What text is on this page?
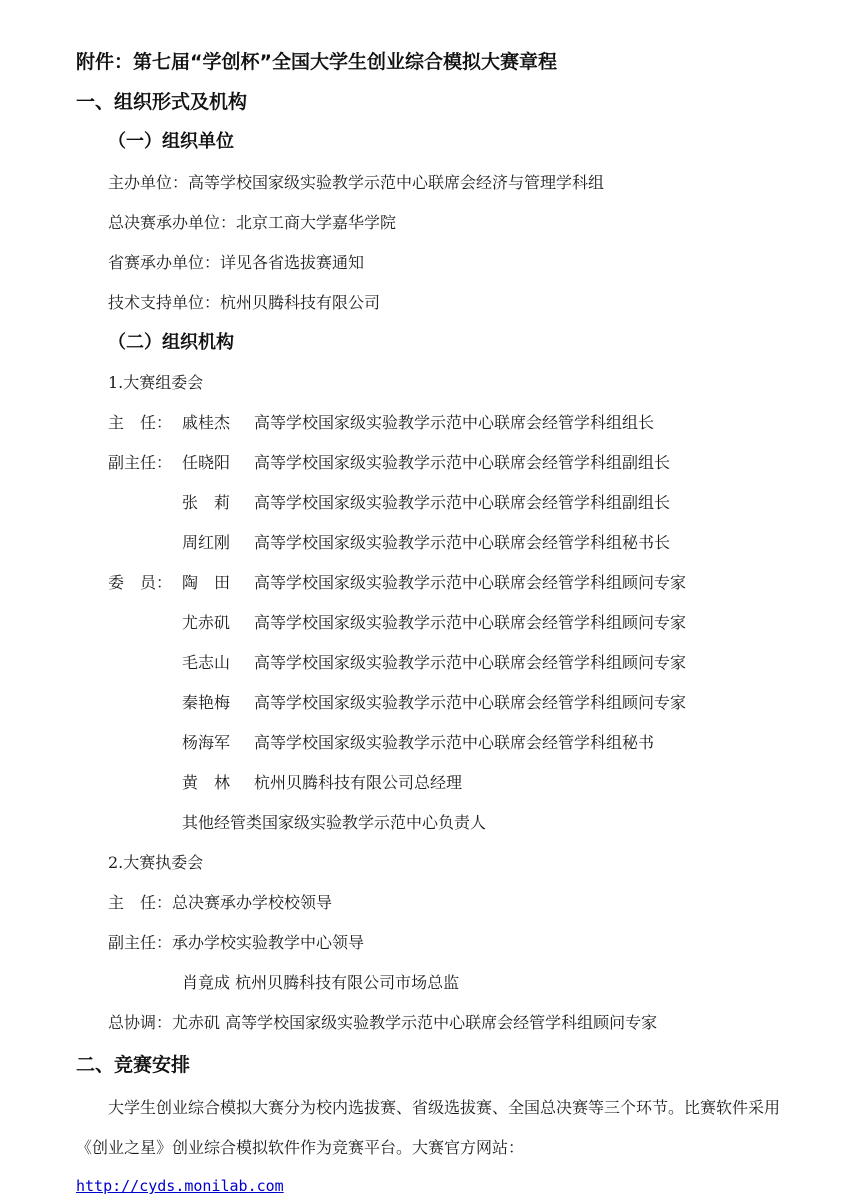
附件：第七届“学创杯”全国大学生创业综合模拟大赛章程
一、组织形式及机构
（一）组织单位
主办单位：高等学校国家级实验教学示范中心联席会经济与管理学科组
总决赛承办单位：北京工商大学嘉华学院
省赛承办单位：详见各省选拔赛通知
技术支持单位：杭州贝腾科技有限公司
（二）组织机构
1.大赛组委会
主　任： 戚桂杰 高等学校国家级实验教学示范中心联席会经管学科组组长
副主任： 任晓阳 高等学校国家级实验教学示范中心联席会经管学科组副组长
张　莉 高等学校国家级实验教学示范中心联席会经管学科组副组长
周红刚 高等学校国家级实验教学示范中心联席会经管学科组秘书长
委　员： 陶　田 高等学校国家级实验教学示范中心联席会经管学科组顾问专家
尤赤矶 高等学校国家级实验教学示范中心联席会经管学科组顾问专家
毛志山 高等学校国家级实验教学示范中心联席会经管学科组顾问专家
秦艳梅 高等学校国家级实验教学示范中心联席会经管学科组顾问专家
杨海军 高等学校国家级实验教学示范中心联席会经管学科组秘书
黄　林 杭州贝腾科技有限公司总经理
其他经管类国家级实验教学示范中心负责人
2.大赛执委会
主　任：总决赛承办学校校领导
副主任：承办学校实验教学中心领导
肖竟成 杭州贝腾科技有限公司市场总监
总协调：尤赤矶 高等学校国家级实验教学示范中心联席会经管学科组顾问专家
二、竞赛安排
大学生创业综合模拟大赛分为校内选拔赛、省级选拔赛、全国总决赛等三个环节。比赛软件采用《创业之星》创业综合模拟软件作为竞赛平台。大赛官方网站：
http://cyds.monilab.com
